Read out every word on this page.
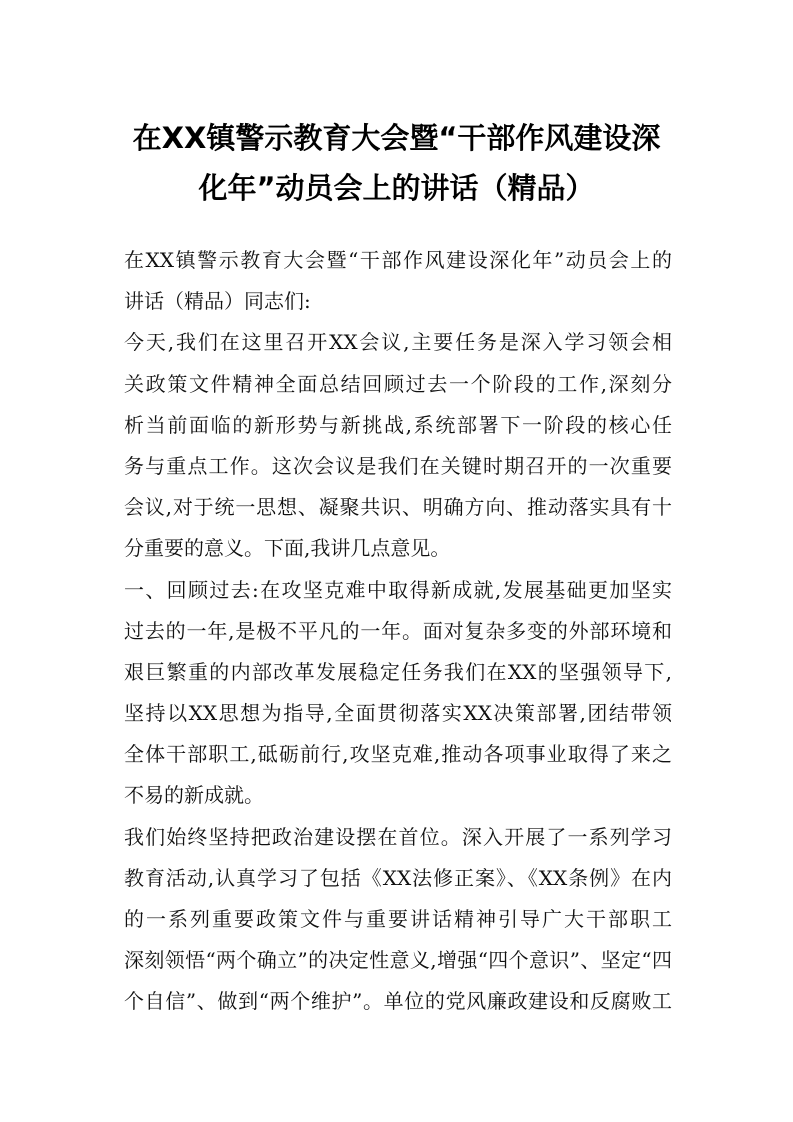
在XX镇警示教育大会暨“干部作风建设深
化年”动员会上的讲话（精品）
在XX镇警示教育大会暨“干部作风建设深化年”动员会上的
讲话（精品）同志们:
今天,我们在这里召开XX会议,主要任务是深入学习领会相
关政策文件精神全面总结回顾过去一个阶段的工作,深刻分
析当前面临的新形势与新挑战,系统部署下一阶段的核心任
务与重点工作。这次会议是我们在关键时期召开的一次重要
会议,对于统一思想、凝聚共识、明确方向、推动落实具有十
分重要的意义。下面,我讲几点意见。
一、回顾过去:在攻坚克难中取得新成就,发展基础更加坚实
过去的一年,是极不平凡的一年。面对复杂多变的外部环境和
艰巨繁重的内部改革发展稳定任务我们在XX的坚强领导下,
坚持以XX思想为指导,全面贯彻落实XX决策部署,团结带领
全体干部职工,砥砺前行,攻坚克难,推动各项事业取得了来之
不易的新成就。
我们始终坚持把政治建设摆在首位。深入开展了一系列学习
教育活动,认真学习了包括《XX法修正案》、《XX条例》在内
的一系列重要政策文件与重要讲话精神引导广大干部职工
深刻领悟“两个确立”的决定性意义,增强“四个意识”、坚定“四
个自信”、做到“两个维护”。单位的党风廉政建设和反腐败工
